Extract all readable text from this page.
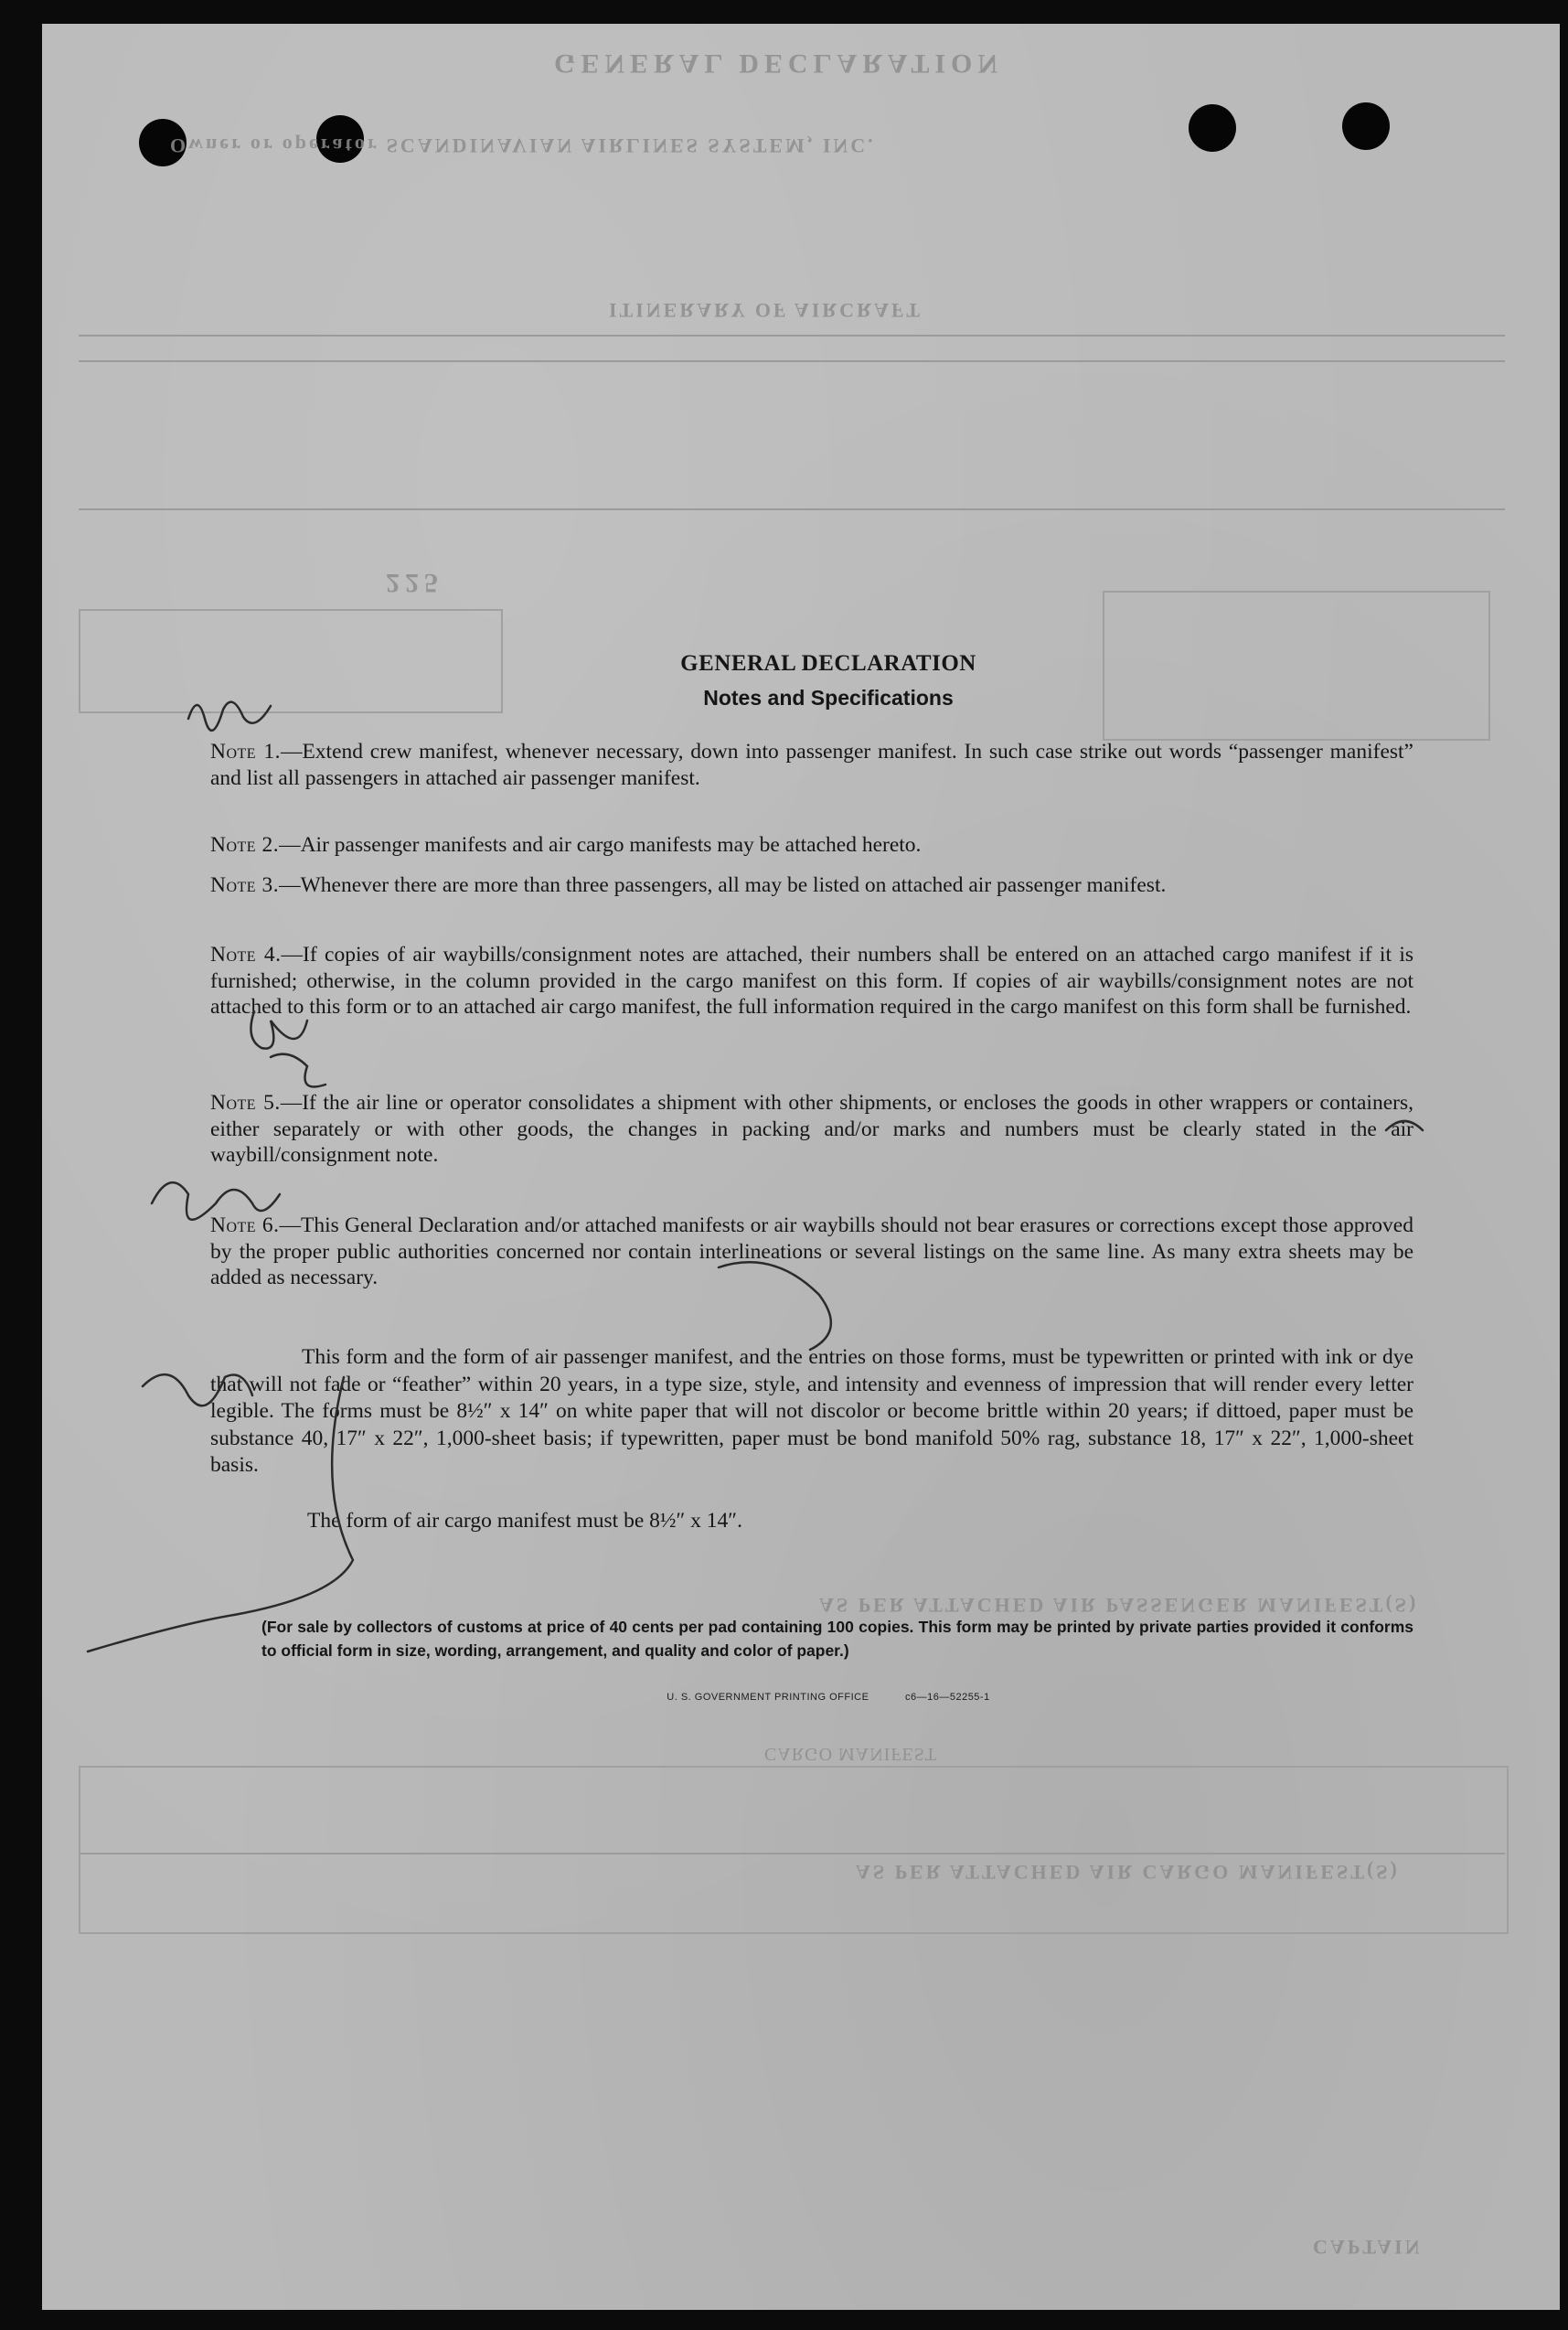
GENERAL DECLARATION
Owner or operator SCANDINAVIAN AIRLINES SYSTEM, INC.
ITINERARY OF AIRCRAFT
225
AS PER ATTACHED AIR PASSENGER MANIFEST(S)
CARGO MANIFEST
AS PER ATTACHED AIR CARGO MANIFEST(S)
CAPTAIN
GENERAL DECLARATION
Notes and Specifications
Note 1.—Extend crew manifest, whenever necessary, down into passenger manifest. In such case strike out words “passenger manifest” and list all passengers in attached air passenger manifest.
Note 2.—Air passenger manifests and air cargo manifests may be attached hereto.
Note 3.—Whenever there are more than three passengers, all may be listed on attached air passenger manifest.
Note 4.—If copies of air waybills/consignment notes are attached, their numbers shall be entered on an attached cargo manifest if it is furnished; otherwise, in the column provided in the cargo manifest on this form. If copies of air waybills/consignment notes are not attached to this form or to an attached air cargo manifest, the full information required in the cargo manifest on this form shall be furnished.
Note 5.—If the air line or operator consolidates a shipment with other shipments, or encloses the goods in other wrappers or containers, either separately or with other goods, the changes in packing and/or marks and numbers must be clearly stated in the air waybill/consignment note.
Note 6.—This General Declaration and/or attached manifests or air waybills should not bear erasures or corrections except those approved by the proper public authorities concerned nor contain interlineations or several listings on the same line. As many extra sheets may be added as necessary.
This form and the form of air passenger manifest, and the entries on those forms, must be typewritten or printed with ink or dye that will not fade or “feather” within 20 years, in a type size, style, and intensity and evenness of impression that will render every letter legible. The forms must be 8½″ x 14″ on white paper that will not discolor or become brittle within 20 years; if dittoed, paper must be substance 40, 17″ x 22″, 1,000-sheet basis; if typewritten, paper must be bond manifold 50% rag, substance 18, 17″ x 22″, 1,000-sheet basis.
The form of air cargo manifest must be 8½″ x 14″.
(For sale by collectors of customs at price of 40 cents per pad containing 100 copies. This form may be printed by private parties provided it conforms to official form in size, wording, arrangement, and quality and color of paper.)
U. S. GOVERNMENT PRINTING OFFICE	c6—16—52255-1
